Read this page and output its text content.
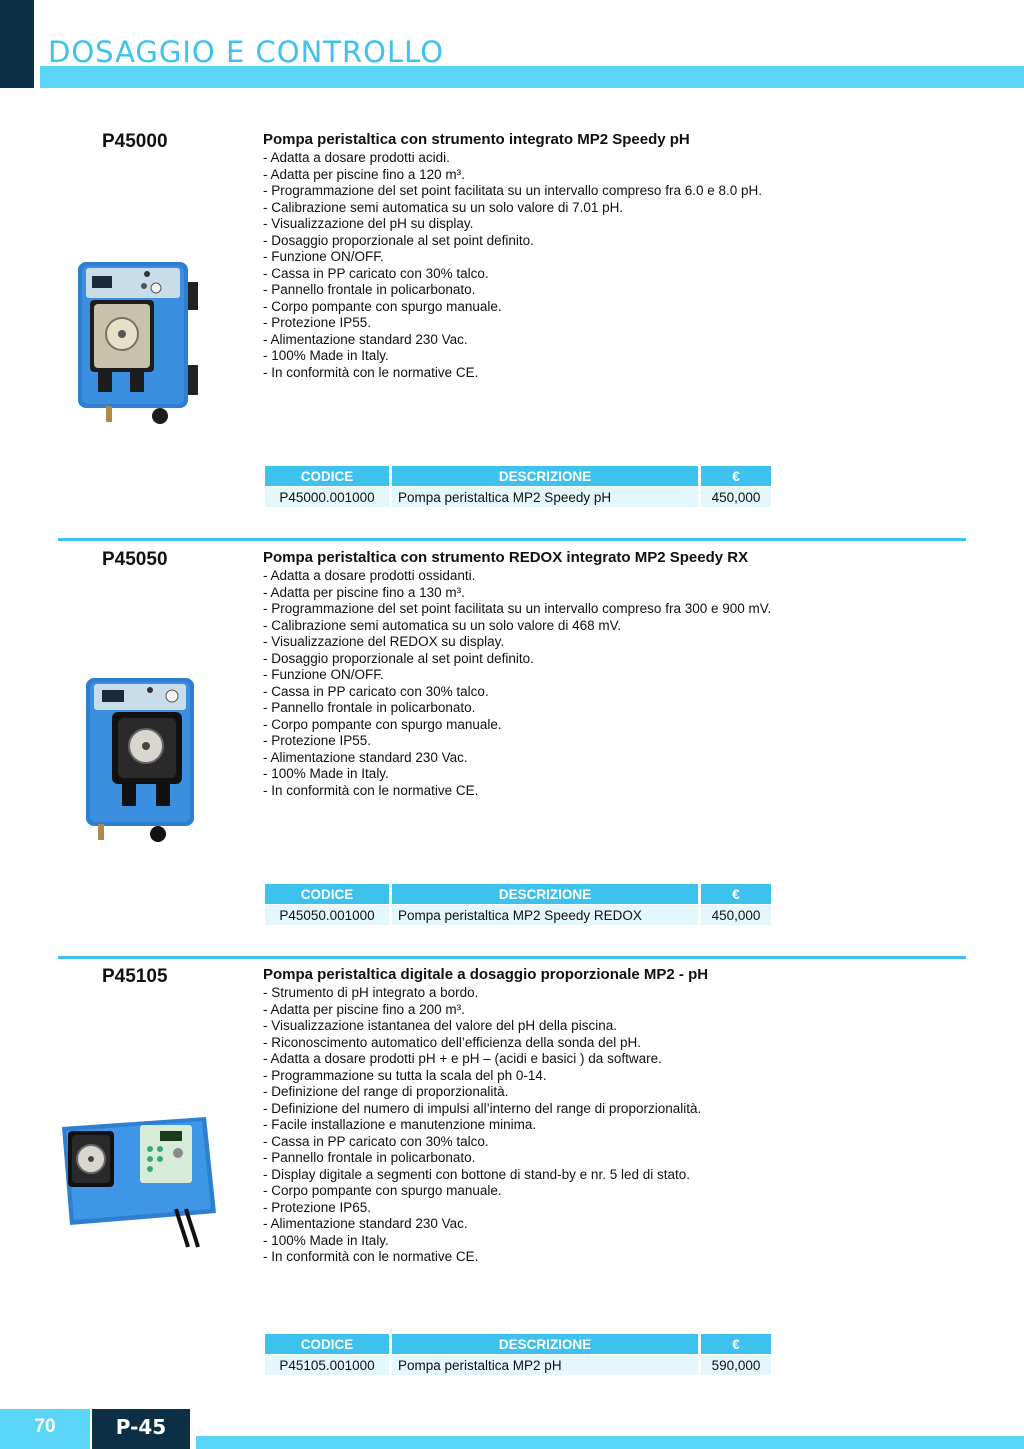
DOSAGGIO E CONTROLLO
P45000	Pompa peristaltica con strumento integrato MP2 Speedy pH
- Adatta a dosare prodotti acidi.
- Adatta per piscine fino a 120 m³.
- Programmazione del set point facilitata su un intervallo compreso fra 6.0 e 8.0 pH.
- Calibrazione semi automatica su un solo valore di 7.01 pH.
- Visualizzazione del pH su display.
- Dosaggio proporzionale al set point definito.
- Funzione ON/OFF.
- Cassa in PP caricato con 30% talco.
- Pannello frontale in policarbonato.
- Corpo pompante con spurgo manuale.
- Protezione IP55.
- Alimentazione standard 230 Vac.
- 100% Made in Italy.
- In conformità con le normative CE.
CODICE		DESCRIZIONE		€
P45000.001000		Pompa peristaltica MP2 Speedy pH		450,000
P45050	Pompa peristaltica con strumento REDOX integrato MP2 Speedy RX
- Adatta a dosare prodotti ossidanti.
- Adatta per piscine fino a 130 m³.
- Programmazione del set point facilitata su un intervallo compreso fra 300 e 900 mV.
- Calibrazione semi automatica su un solo valore di 468 mV.
- Visualizzazione del REDOX su display.
- Dosaggio proporzionale al set point definito.
- Funzione ON/OFF.
- Cassa in PP caricato con 30% talco.
- Pannello frontale in policarbonato.
- Corpo pompante con spurgo manuale.
- Protezione IP55.
- Alimentazione standard 230 Vac.
- 100% Made in Italy.
- In conformità con le normative CE.
CODICE		DESCRIZIONE		€
P45050.001000		Pompa peristaltica MP2 Speedy REDOX		450,000
P45105	Pompa peristaltica digitale a dosaggio proporzionale MP2 - pH
- Strumento di pH integrato a bordo.
- Adatta per piscine fino a 200 m³.
- Visualizzazione istantanea del valore del pH della piscina.
- Riconoscimento automatico dell’efficienza della sonda del pH.
- Adatta a dosare prodotti pH + e pH – (acidi e basici ) da software.
- Programmazione su tutta la scala del ph 0-14.
- Definizione del range di proporzionalità.
- Definizione del numero di impulsi all’interno del range di proporzionalità.
- Facile installazione e manutenzione minima.
- Cassa in PP caricato con 30% talco.
- Pannello frontale in policarbonato.
- Display digitale a segmenti con bottone di stand-by e nr. 5 led di stato.
- Corpo pompante con spurgo manuale.
- Protezione IP65.
- Alimentazione standard 230 Vac.
- 100% Made in Italy.
- In conformità con le normative CE.
CODICE		DESCRIZIONE		€
P45105.001000		Pompa peristaltica MP2 pH		590,000
70	P-45
